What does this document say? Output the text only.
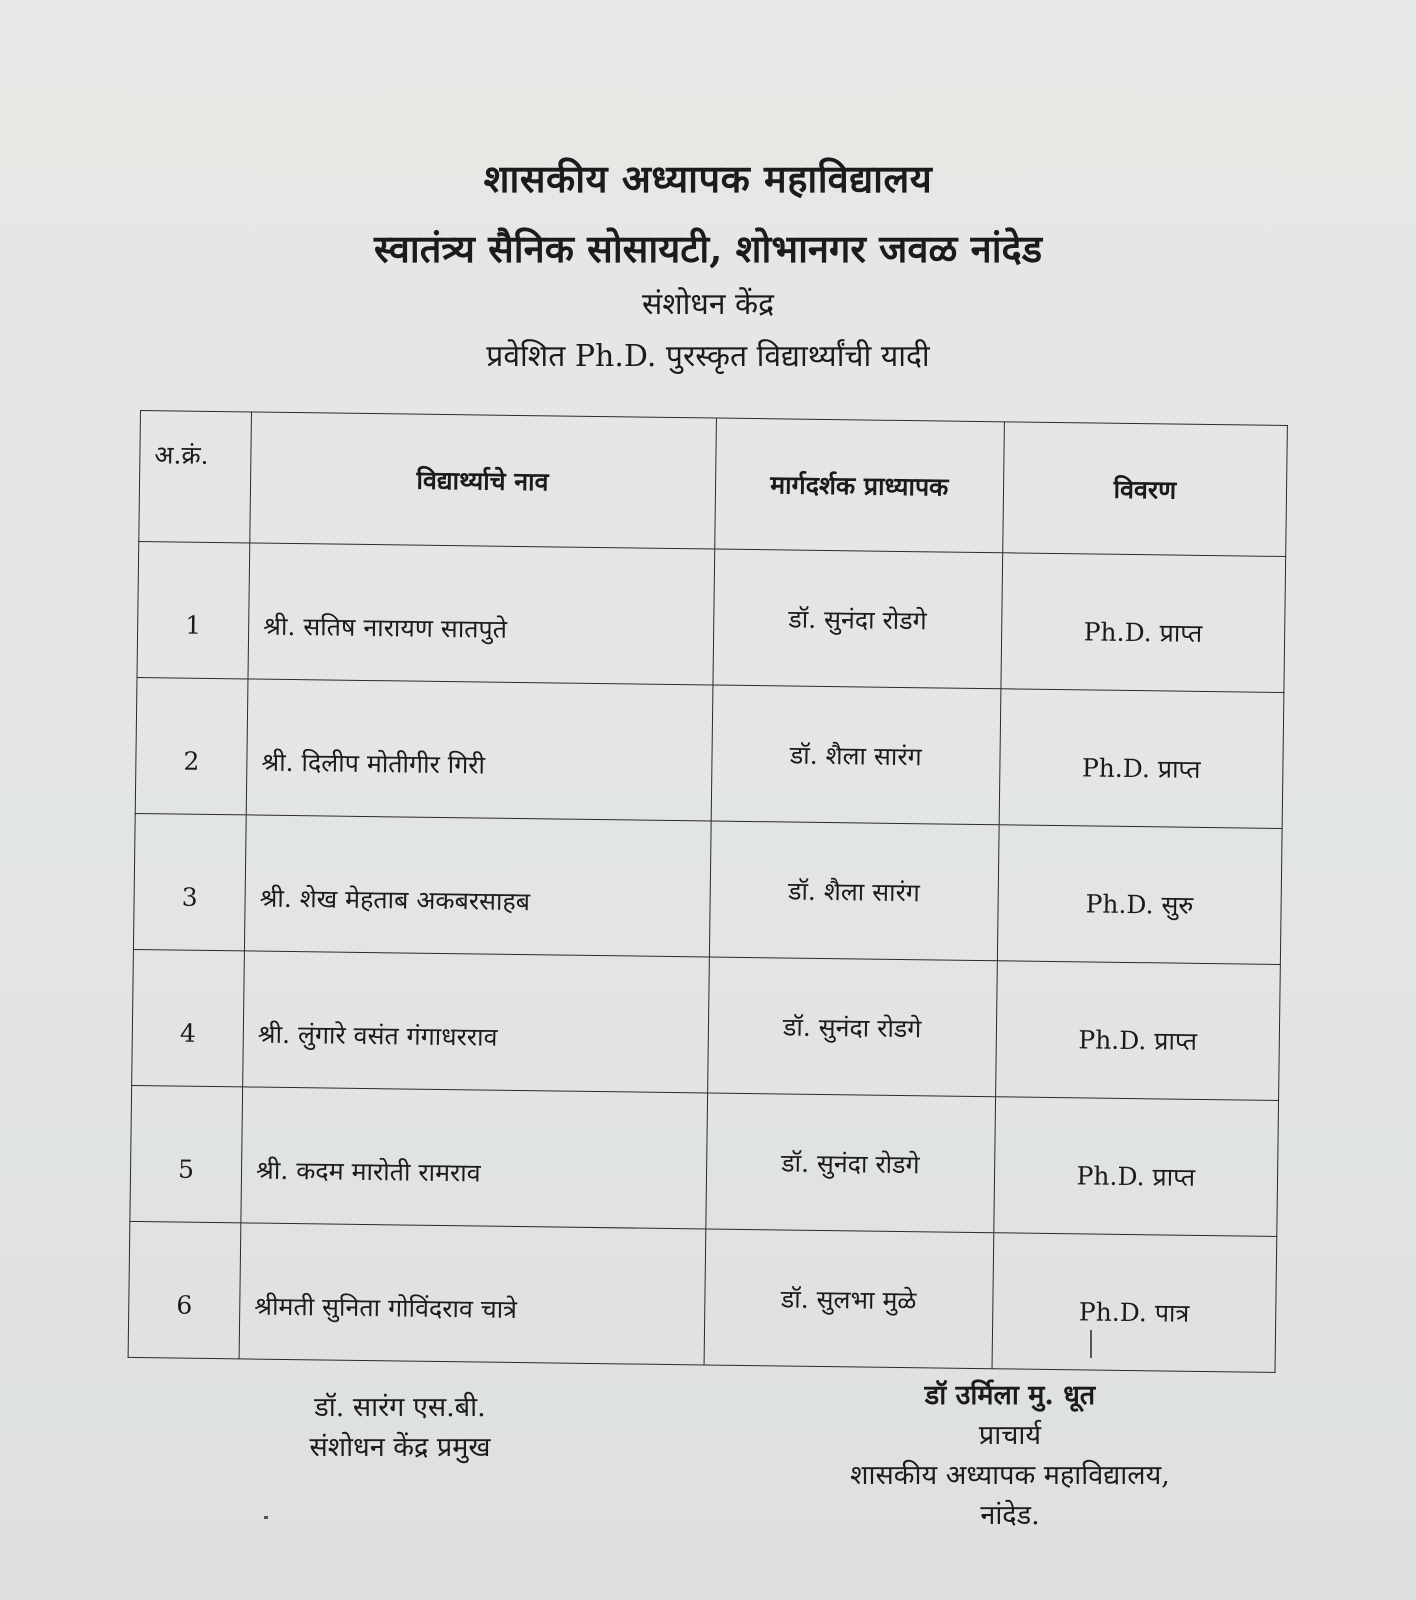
शासकीय अध्यापक महाविद्यालय
स्वातंत्र्य सैनिक सोसायटी, शोभानगर जवळ नांदेड
संशोधन केंद्र
प्रवेशित Ph.D. पुरस्कृत विद्यार्थ्यांची यादी
अ.क्रं.	विद्यार्थ्याचे नाव	मार्गदर्शक प्राध्यापक	विवरण
1	श्री. सतिष नारायण सातपुते	डॉ. सुनंदा रोडगे	Ph.D. प्राप्त
2	श्री. दिलीप मोतीगीर गिरी	डॉ. शैला सारंग	Ph.D. प्राप्त
3	श्री. शेख मेहताब अकबरसाहब	डॉ. शैला सारंग	Ph.D. सुरु
4	श्री. लुंगारे वसंत गंगाधरराव	डॉ. सुनंदा रोडगे	Ph.D. प्राप्त
5	श्री. कदम मारोती रामराव	डॉ. सुनंदा रोडगे	Ph.D. प्राप्त
6	श्रीमती सुनिता गोविंदराव चात्रे	डॉ. सुलभा मुळे	Ph.D. पात्र
डॉ. सारंग एस.बी.
संशोधन केंद्र प्रमुख
डॉ उर्मिला मु. धूत
प्राचार्य
शासकीय अध्यापक महाविद्यालय,
नांदेड.
